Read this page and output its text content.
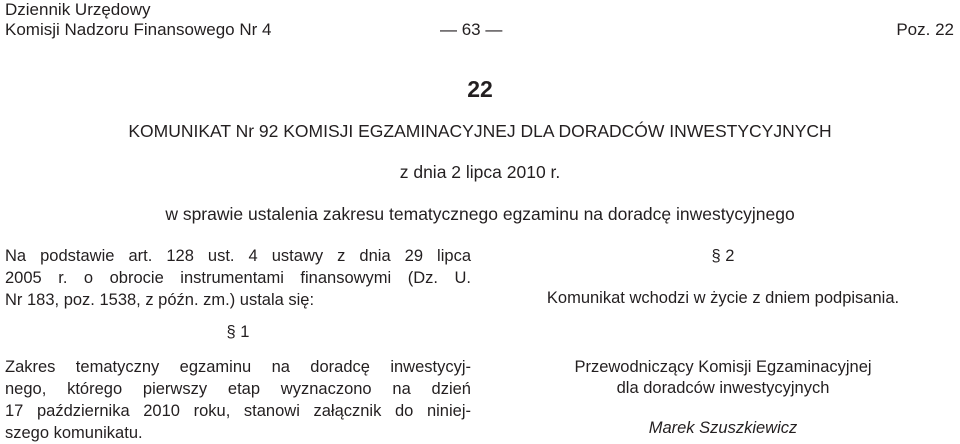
Dziennik Urzędowy
Komisji Nadzoru Finansowego Nr 4	— 63 —	Poz. 22
22
KOMUNIKAT Nr 92 KOMISJI EGZAMINACYJNEJ DLA DORADCÓW INWESTYCYJNYCH
z dnia 2 lipca 2010 r.
w sprawie ustalenia zakresu tematycznego egzaminu na doradcę inwestycyjnego
Na podstawie art. 128 ust. 4 ustawy z dnia 29 lipca
2005 r. o obrocie instrumentami finansowymi (Dz. U.
Nr 183, poz. 1538, z późn. zm.) ustala się:
§ 1
Zakres tematyczny egzaminu na doradcę inwestycyj-
nego, którego pierwszy etap wyznaczono na dzień
17 października 2010 roku, stanowi załącznik do niniej-
szego komunikatu.
§ 2
Komunikat wchodzi w życie z dniem podpisania.
Przewodniczący Komisji Egzaminacyjnej
dla doradców inwestycyjnych
Marek Szuszkiewicz
